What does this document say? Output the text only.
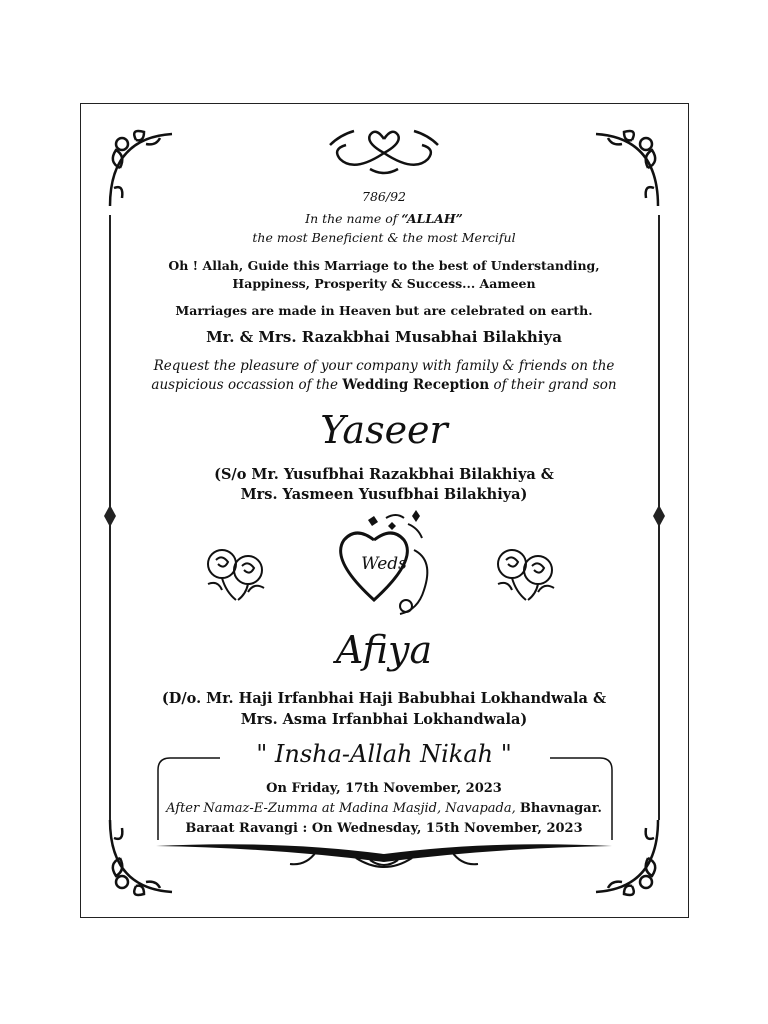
786/92
In the name of “ALLAH”
the most Beneficient & the most Merciful
Oh ! Allah, Guide this Marriage to the best of Understanding,
Happiness, Prosperity & Success... Aameen
Marriages are made in Heaven but are celebrated on earth.
Mr. & Mrs. Razakbhai Musabhai Bilakhiya
Request the pleasure of your company with family & friends on the
auspicious occassion of the Wedding Reception of their grand son
Yaseer
(S/o Mr. Yusufbhai Razakbhai Bilakhiya &
Mrs. Yasmeen Yusufbhai Bilakhiya)
Weds
Afiya
(D/o. Mr. Haji Irfanbhai Haji Babubhai Lokhandwala &
Mrs. Asma Irfanbhai Lokhandwala)
" Insha-Allah Nikah "
On Friday, 17th November, 2023
After Namaz-E-Zumma at Madina Masjid, Navapada, Bhavnagar.
Baraat Ravangi : On Wednesday, 15th November, 2023
